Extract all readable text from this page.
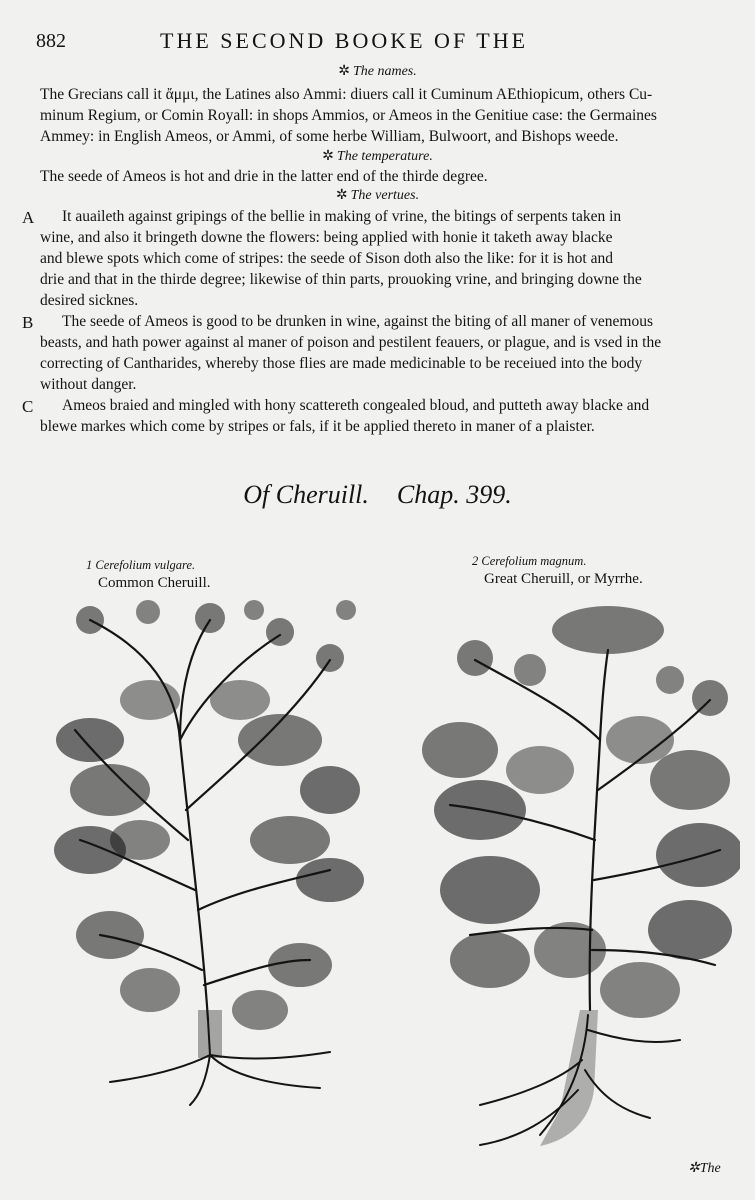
882	THE SECOND BOOKE OF THE
✲ The names.
The Grecians call it ἄμμι, the Latines also Ammi: diuers call it Cuminum AEthiopicum, others Cu-
minum Regium, or Comin Royall: in shops Ammios, or Ameos in the Genitiue case: the Germaines
Ammey: in English Ameos, or Ammi, of some herbe William, Bulwoort, and Bishops weede.
✲ The temperature.
The seede of Ameos is hot and drie in the latter end of the thirde degree.
✲ The vertues.
A It auaileth against gripings of the bellie in making of vrine, the bitings of serpents taken in
wine, and also it bringeth downe the flowers: being applied with honie it taketh away blacke
and blewe spots which come of stripes: the seede of Sison doth also the like: for it is hot and
drie and that in the thirde degree; likewise of thin parts, prouoking vrine, and bringing downe the
desired sicknes.
B The seede of Ameos is good to be drunken in wine, against the biting of all maner of venemous
beasts, and hath power against al maner of poison and pestilent feauers, or plague, and is vsed in the
correcting of Cantharides, whereby those flies are made medicinable to be receiued into the body
without danger.
C Ameos braied and mingled with hony scattereth congealed bloud, and putteth away blacke and
blewe markes which come by stripes or fals, if it be applied thereto in maner of a plaister.
Of Cheruill. Chap. 399.
1 Cerefolium vulgare.
Common Cheruill.
2 Cerefolium magnum.
Great Cheruill, or Myrrhe.
✲The
